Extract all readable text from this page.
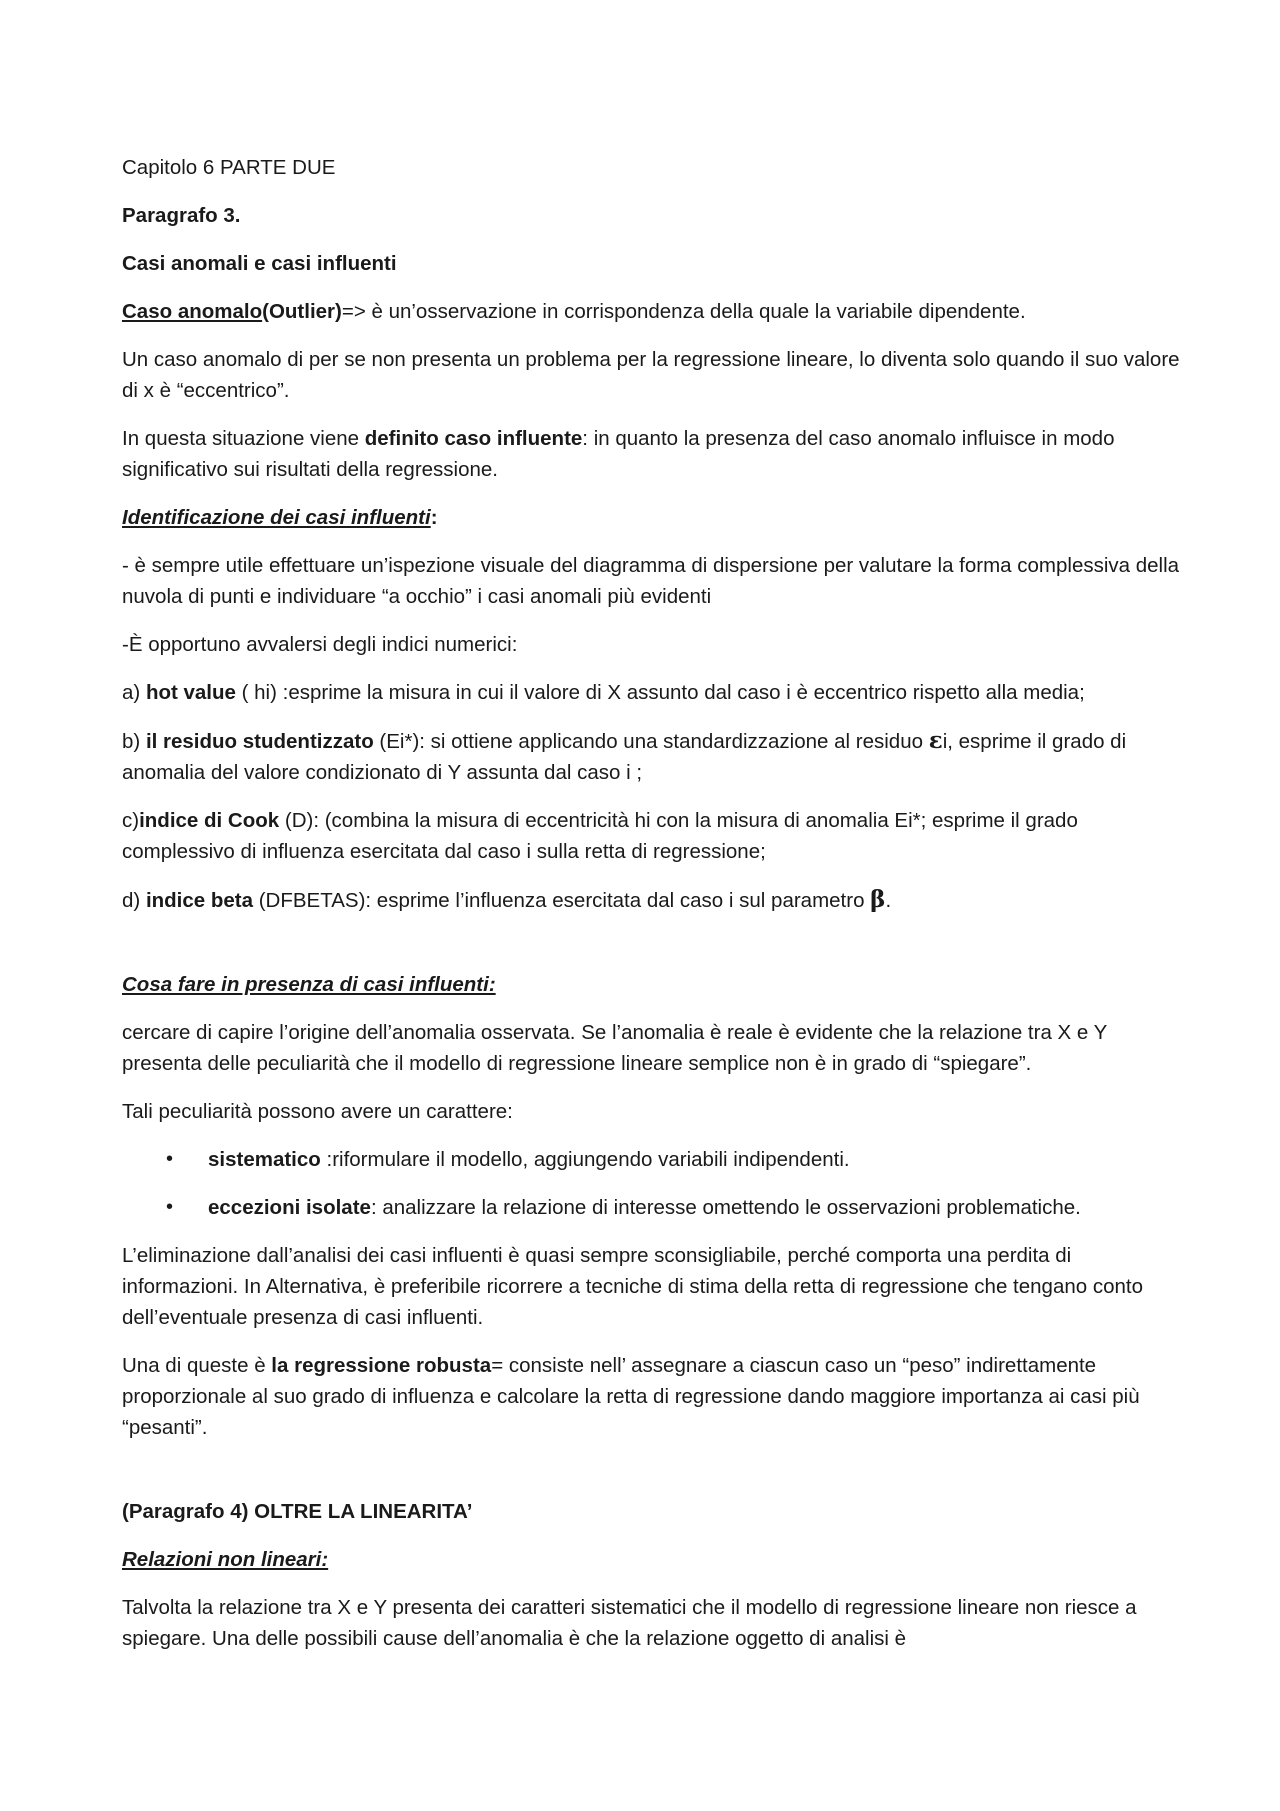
Capitolo 6 PARTE DUE

Paragrafo 3.

Casi anomali e casi influenti

Caso anomalo(Outlier)=> è un’osservazione in corrispondenza della quale la variabile dipendente.

Un caso anomalo di per se non presenta un problema per la regressione lineare, lo diventa solo quando il suo valore di x è “eccentrico”.

In questa situazione viene definito caso influente: in quanto la presenza del caso anomalo influisce in modo significativo sui risultati della regressione.

Identificazione dei casi influenti:

- è sempre utile effettuare un’ispezione visuale del diagramma di dispersione per valutare la forma complessiva della nuvola di punti e individuare “a occhio” i casi anomali più evidenti

-È opportuno avvalersi degli indici numerici:

a) hot value ( hi) :esprime la misura in cui il valore di X assunto dal caso i è eccentrico rispetto alla media;

b) il residuo studentizzato (Ei*): si ottiene applicando una standardizzazione al residuo εi, esprime il grado di anomalia del valore condizionato di Y assunta dal caso i ;

c)indice di Cook (D): (combina la misura di eccentricità hi con la misura di anomalia Ei*; esprime il grado complessivo di influenza esercitata dal caso i sulla retta di regressione;

d) indice beta (DFBETAS): esprime l’influenza esercitata dal caso i sul parametro β.

Cosa fare in presenza di casi influenti:

cercare di capire l’origine dell’anomalia osservata. Se l’anomalia è reale è evidente che la relazione tra X e Y presenta delle peculiarità che il modello di regressione lineare semplice non è in grado di “spiegare”.

Tali peculiarità possono avere un carattere:

• sistematico :riformulare il modello, aggiungendo variabili indipendenti.
• eccezioni isolate: analizzare la relazione di interesse omettendo le osservazioni problematiche.

L’eliminazione dall’analisi dei casi influenti è quasi sempre sconsigliabile, perché comporta una perdita di informazioni. In Alternativa, è preferibile ricorrere a tecniche di stima della retta di regressione che tengano conto dell’eventuale presenza di casi influenti.

Una di queste è la regressione robusta= consiste nell’ assegnare a ciascun caso un “peso” indirettamente proporzionale al suo grado di influenza e calcolare la retta di regressione dando maggiore importanza ai casi più “pesanti”.

(Paragrafo 4) OLTRE LA LINEARITA’

Relazioni non lineari:

Talvolta la relazione tra X e Y presenta dei caratteri sistematici che il modello di regressione lineare non riesce a spiegare. Una delle possibili cause dell’anomalia è che la relazione oggetto di analisi è
